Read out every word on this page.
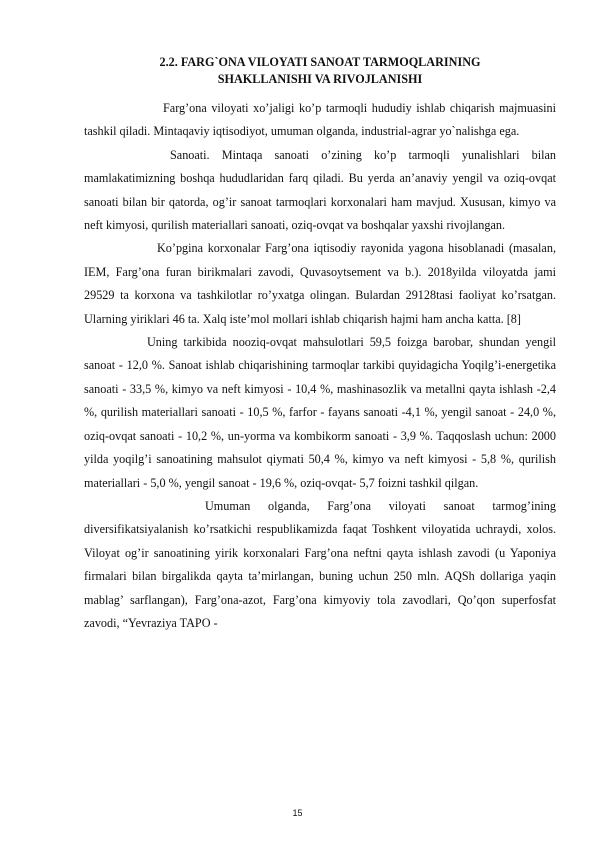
2.2. FARG`ONA VILOYATI SANOAT TARMOQLARINING
SHAKLLANISHI VA RIVOJLANISHI

Farg’ona viloyati xo’jaligi ko’p tarmoqli hududiy ishlab chiqarish majmuasini tashkil qiladi. Mintaqaviy iqtisodiyot, umuman olganda, industrial-agrar yo`nalishga ega.

Sanoati. Mintaqa sanoati o’zining ko’p tarmoqli yunalishlari bilan mamlakatimizning boshqa hududlaridan farq qiladi. Bu yerda an’anaviy yengil va oziq-ovqat sanoati bilan bir qatorda, og’ir sanoat tarmoqlari korxonalari ham mavjud. Xususan, kimyo va neft kimyosi, qurilish materiallari sanoati, oziq-ovqat va boshqalar yaxshi rivojlangan.

Ko’pgina korxonalar Farg’ona iqtisodiy rayonida yagona hisoblanadi (masalan, IEM, Farg’ona furan birikmalari zavodi, Quvasoytsement va b.). 2018yilda viloyatda jami 29529 ta korxona va tashkilotlar ro’yxatga olingan. Bulardan 29128tasi faoliyat ko’rsatgan. Ularning yiriklari 46 ta. Xalq iste’mol mollari ishlab chiqarish hajmi ham ancha katta. [8]

Uning tarkibida nooziq-ovqat mahsulotlari 59,5 foizga barobar, shundan yengil sanoat - 12,0 %. Sanoat ishlab chiqarishining tarmoqlar tarkibi quyidagicha Yoqilg’i-energetika sanoati - 33,5 %, kimyo va neft kimyosi - 10,4 %, mashinasozlik va metallni qayta ishlash -2,4 %, qurilish materiallari sanoati - 10,5 %, farfor - fayans sanoati -4,1 %, yengil sanoat - 24,0 %, oziq-ovqat sanoati - 10,2 %, un-yorma va kombikorm sanoati - 3,9 %. Taqqoslash uchun: 2000 yilda yoqilg’i sanoatining mahsulot qiymati 50,4 %, kimyo va neft kimyosi - 5,8 %, qurilish materiallari - 5,0 %, yengil sanoat - 19,6 %, oziq-ovqat- 5,7 foizni tashkil qilgan.

Umuman olganda, Farg’ona viloyati sanoat tarmog’ining diversifikatsiyalanish ko’rsatkichi respublikamizda faqat Toshkent viloyatida uchraydi, xolos. Viloyat og’ir sanoatining yirik korxonalari Farg’ona neftni qayta ishlash zavodi (u Yaponiya firmalari bilan birgalikda qayta ta’mirlangan, buning uchun 250 mln. AQSh dollariga yaqin mablag’ sarflangan), Farg’ona-azot, Farg’ona kimyoviy tola zavodlari, Qo’qon superfosfat zavodi, “Yevraziya TAPO -

15
